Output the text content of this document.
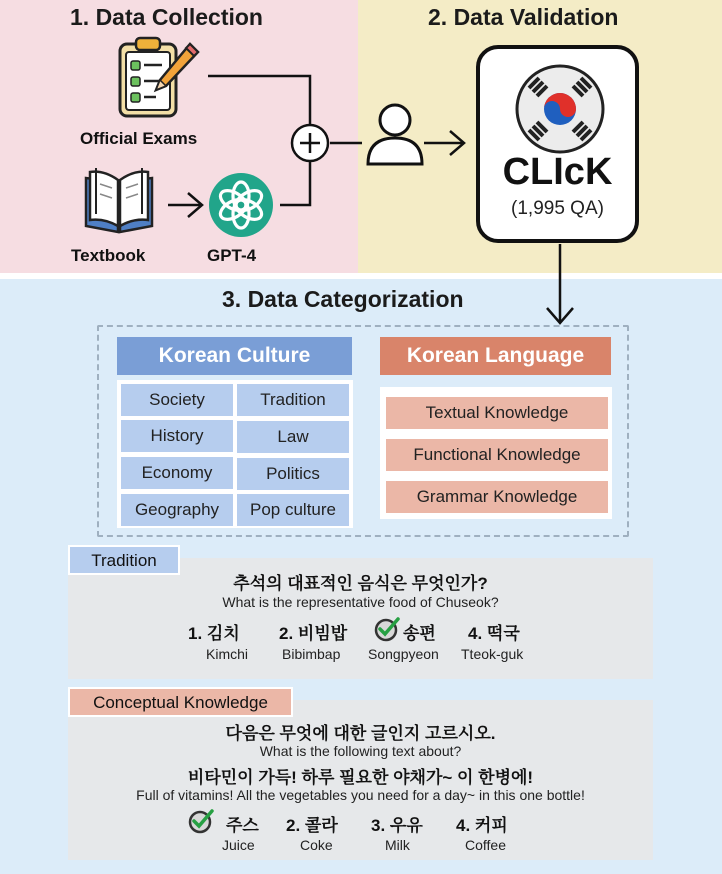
1. Data Collection	2. Data Validation
3. Data Categorization
Official Exams
Textbook	GPT-4
CLIcK
(1,995 QA)
Korean Culture
Society	Tradition
History	Law
Economy	Politics
Geography	Pop culture
Korean Language
Textual Knowledge
Functional Knowledge
Grammar Knowledge
Tradition
추석의 대표적인 음식은 무엇인가?
What is the representative food of Chuseok?
1. 김치
Kimchi
2. 비빔밥
Bibimbap
송편
Songpyeon
4. 떡국
Tteok-guk
Conceptual Knowledge
다음은 무엇에 대한 글인지 고르시오.
What is the following text about?
비타민이 가득! 하루 필요한 야채가~ 이 한병에!
Full of vitamins! All the vegetables you need for a day~ in this one bottle!
주스
Juice
2. 콜라
Coke
3. 우유
Milk
4. 커피
Coffee
